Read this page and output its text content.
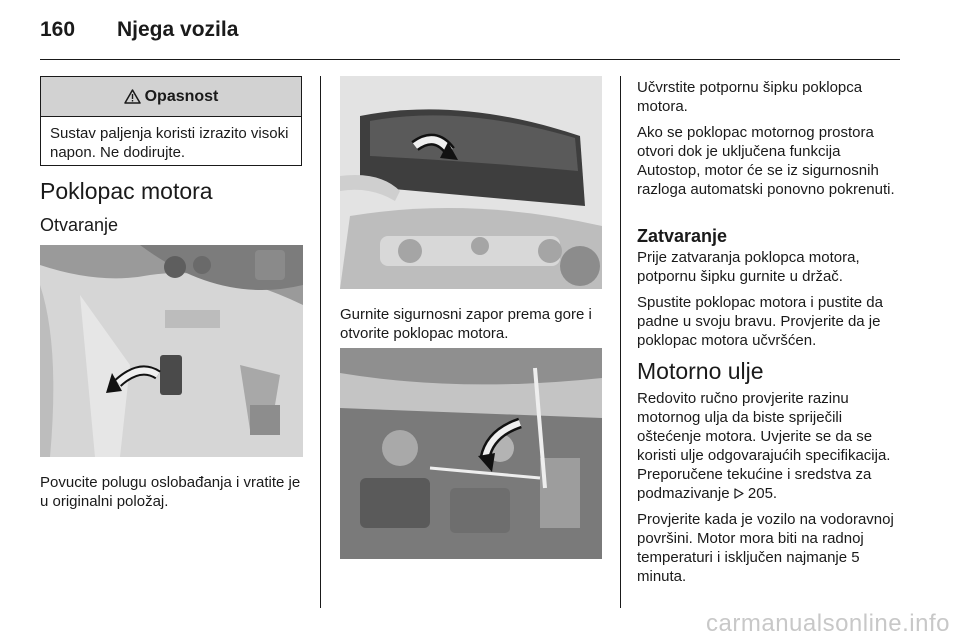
160 Njega vozila
Opasnost
Sustav paljenja koristi izrazito visoki napon. Ne dodirujte.
Poklopac motora
Otvaranje
Povucite polugu oslobađanja i vratite je u originalni položaj.
Gurnite sigurnosni zapor prema gore i otvorite poklopac motora.

Učvrstite potpornu šipku poklopca motora.

Ako se poklopac motornog prostora otvori dok je uključena funkcija Autostop, motor će se iz sigurnosnih razloga automatski ponovno pokrenuti.

Zatvaranje

Prije zatvaranja poklopca motora, potpornu šipku gurnite u držač.

Spustite poklopac motora i pustite da padne u svoju bravu. Provjerite da je poklopac motora učvršćen.

Motorno ulje

Redovito ručno provjerite razinu motornog ulja da biste spriječili oštećenje motora. Uvjerite se da se koristi ulje odgovarajućih specifikacija. Preporučene tekućine i sredstva za podmazivanje 205.

Provjerite kada je vozilo na vodoravnoj površini. Motor mora biti na radnoj temperaturi i isključen najmanje 5 minuta.

carmanualsonline.info
